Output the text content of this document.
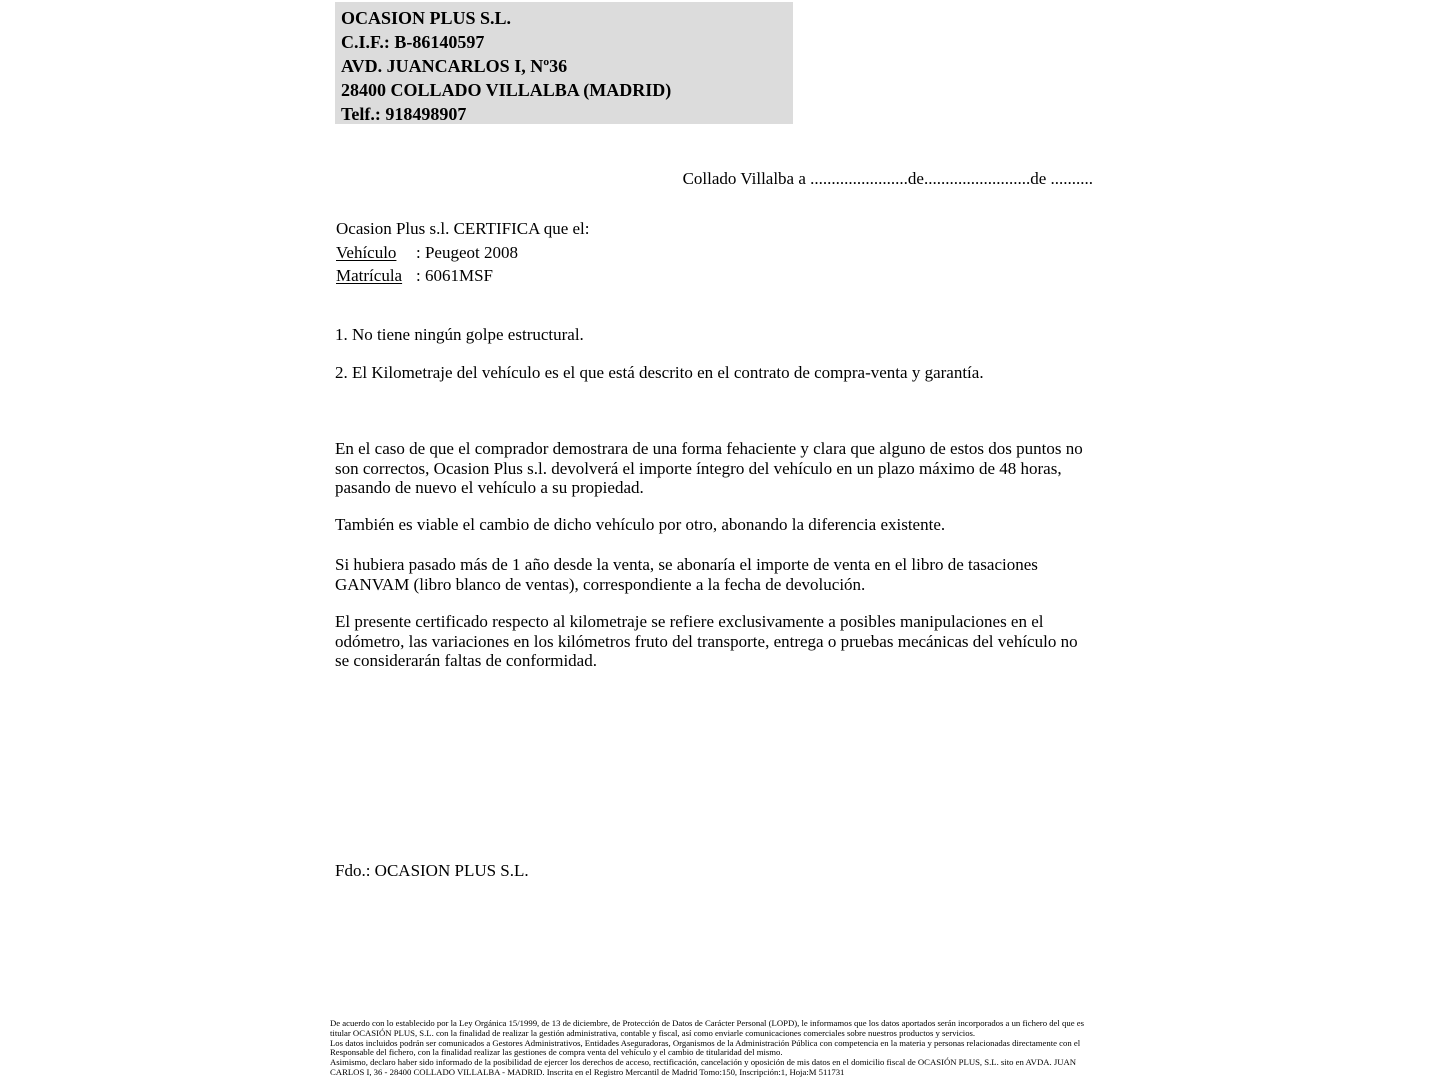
OCASION PLUS S.L.
C.I.F.: B-86140597
AVD. JUANCARLOS I, Nº36
28400 COLLADO VILLALBA (MADRID)
Telf.: 918498907
Collado Villalba a .......................de.........................de ..........
Ocasion Plus s.l. CERTIFICA que el:
Vehículo : Peugeot 2008
Matrícula : 6061MSF
1. No tiene ningún golpe estructural.
2. El Kilometraje del vehículo es el que está descrito en el contrato de compra-venta y garantía.
En el caso de que el comprador demostrara de una forma fehaciente y clara que alguno de estos dos puntos no son correctos, Ocasion Plus s.l. devolverá el importe íntegro del vehículo en un plazo máximo de 48 horas, pasando de nuevo el vehículo a su propiedad.
También es viable el cambio de dicho vehículo por otro, abonando la diferencia existente.
Si hubiera pasado más de 1 año desde la venta, se abonaría el importe de venta en el libro de tasaciones GANVAM (libro blanco de ventas), correspondiente a la fecha de devolución.
El presente certificado respecto al kilometraje se refiere exclusivamente a posibles manipulaciones en el odómetro, las variaciones en los kilómetros fruto del transporte, entrega o pruebas mecánicas del vehículo no se considerarán faltas de conformidad.
Fdo.: OCASION PLUS S.L.

De acuerdo con lo establecido por la Ley Orgánica 15/1999, de 13 de diciembre, de Protección de Datos de Carácter Personal (LOPD), le informamos que los datos aportados serán incorporados a un fichero del que es titular OCASIÓN PLUS, S.L. con la finalidad de realizar la gestión administrativa, contable y fiscal, así como enviarle comunicaciones comerciales sobre nuestros productos y servicios.

Los datos incluidos podrán ser comunicados a Gestores Administrativos, Entidades Aseguradoras, Organismos de la Administración Pública con competencia en la materia y personas relacionadas directamente con el Responsable del fichero, con la finalidad realizar las gestiones de compra venta del vehículo y el cambio de titularidad del mismo.

Asimismo, declaro haber sido informado de la posibilidad de ejercer los derechos de acceso, rectificación, cancelación y oposición de mis datos en el domicilio fiscal de OCASIÓN PLUS, S.L. sito en AVDA. JUAN CARLOS I, 36 - 28400 COLLADO VILLALBA - MADRID. Inscrita en el Registro Mercantil de Madrid Tomo:150, Inscripción:1, Hoja:M 511731
